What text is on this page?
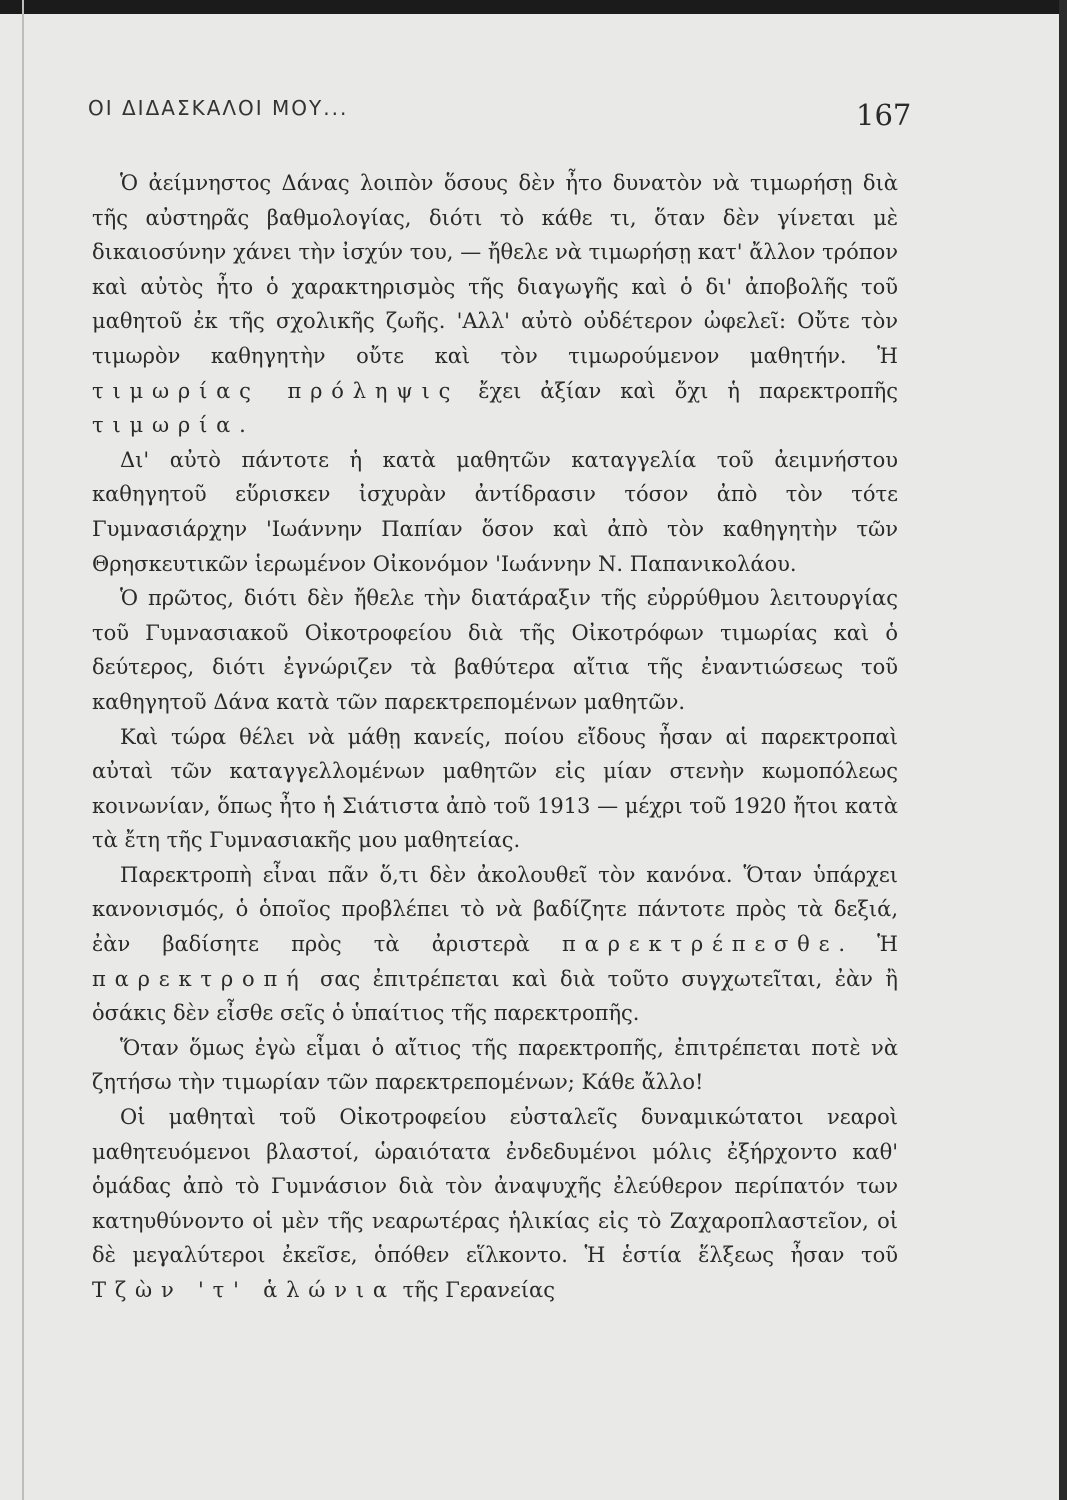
ΟΙ ΔΙΔΑΣΚΑΛΟΙ ΜΟΥ...	167

Ὁ ἀείμνηστος Δάνας λοιπὸν ὅσους δὲν ἦτο δυνατὸν νὰ τιμωρήσῃ διὰ τῆς αὐστηρᾶς βαθμολογίας, διότι τὸ κάθε τι, ὅταν δὲν γίνεται μὲ δικαιοσύνην χάνει τὴν ἰσχύν του, — ἤθελε νὰ τιμωρήσῃ κατ' ἄλλον τρόπον καὶ αὐτὸς ἦτο ὁ χαρακτηρισμὸς τῆς διαγωγῆς καὶ ὁ δι' ἀποβολῆς τοῦ μαθητοῦ ἐκ τῆς σχολικῆς ζωῆς. 'Αλλ' αὐτὸ οὐδέτερον ὠφελεῖ: Οὔτε τὸν τιμωρὸν καθηγητὴν οὔτε καὶ τὸν τιμωρούμενον μαθητήν. Ἡ τιμωρίας πρόληψις ἔχει ἀξίαν καὶ ὄχι ἡ παρεκτροπῆς τιμωρία.

Δι' αὐτὸ πάντοτε ἡ κατὰ μαθητῶν καταγγελία τοῦ ἀειμνήστου καθηγητοῦ εὕρισκεν ἰσχυρὰν ἀντίδρασιν τόσον ἀπὸ τὸν τότε Γυμνασιάρχην 'Ιωάννην Παπίαν ὅσον καὶ ἀπὸ τὸν καθηγητὴν τῶν Θρησκευτικῶν ἱερωμένον Οἰκονόμον 'Ιωάννην Ν. Παπανικολάου.

Ὁ πρῶτος, διότι δὲν ἤθελε τὴν διατάραξιν τῆς εὐρρύθμου λειτουργίας τοῦ Γυμνασιακοῦ Οἰκοτροφείου διὰ τῆς Οἰκοτρόφων τιμωρίας καὶ ὁ δεύτερος, διότι ἐγνώριζεν τὰ βαθύτερα αἴτια τῆς ἐναντιώσεως τοῦ καθηγητοῦ Δάνα κατὰ τῶν παρεκτρεπομένων μαθητῶν.

Καὶ τώρα θέλει νὰ μάθῃ κανείς, ποίου εἴδους ἦσαν αἱ παρεκτροπαὶ αὐταὶ τῶν καταγγελλομένων μαθητῶν εἰς μίαν στενὴν κωμοπόλεως κοινωνίαν, ὅπως ἦτο ἡ Σιάτιστα ἀπὸ τοῦ 1913 — μέχρι τοῦ 1920 ἤτοι κατὰ τὰ ἔτη τῆς Γυμνασιακῆς μου μαθητείας.

Παρεκτροπὴ εἶναι πᾶν ὅ,τι δὲν ἀκολουθεῖ τὸν κανόνα. Ὅταν ὑπάρχει κανονισμός, ὁ ὁποῖος προβλέπει τὸ νὰ βαδίζητε πάντοτε πρὸς τὰ δεξιά, ἐὰν βαδίσητε πρὸς τὰ ἀριστερὰ παρεκτρέπεσθε. Ἡ παρεκτροπή σας ἐπιτρέπεται καὶ διὰ τοῦτο συγχωτεῖται, ἐὰν ἢ ὁσάκις δὲν εἶσθε σεῖς ὁ ὑπαίτιος τῆς παρεκτροπῆς.

Ὅταν ὅμως ἐγὼ εἶμαι ὁ αἴτιος τῆς παρεκτροπῆς, ἐπιτρέπεται ποτὲ νὰ ζητήσω τὴν τιμωρίαν τῶν παρεκτρεπομένων; Κάθε ἄλλο!

Οἱ μαθηταὶ τοῦ Οἰκοτροφείου εὐσταλεῖς δυναμικώτατοι νεαροὶ μαθητευόμενοι βλαστοί, ὡραιότατα ἐνδεδυμένοι μόλις ἐξήρχοντο καθ' ὁμάδας ἀπὸ τὸ Γυμνάσιον διὰ τὸν ἀναψυχῆς ἐλεύθερον περίπατόν των κατηυθύνοντο οἱ μὲν τῆς νεαρωτέρας ἡλικίας εἰς τὸ Ζαχαροπλαστεῖον, οἱ δὲ μεγαλύτεροι ἐκεῖσε, ὁπόθεν εἵλκοντο. Ἡ ἑστία ἕλξεως ἦσαν τοῦ Τζὼν 'τ' ἁλώνια τῆς Γερανείας
